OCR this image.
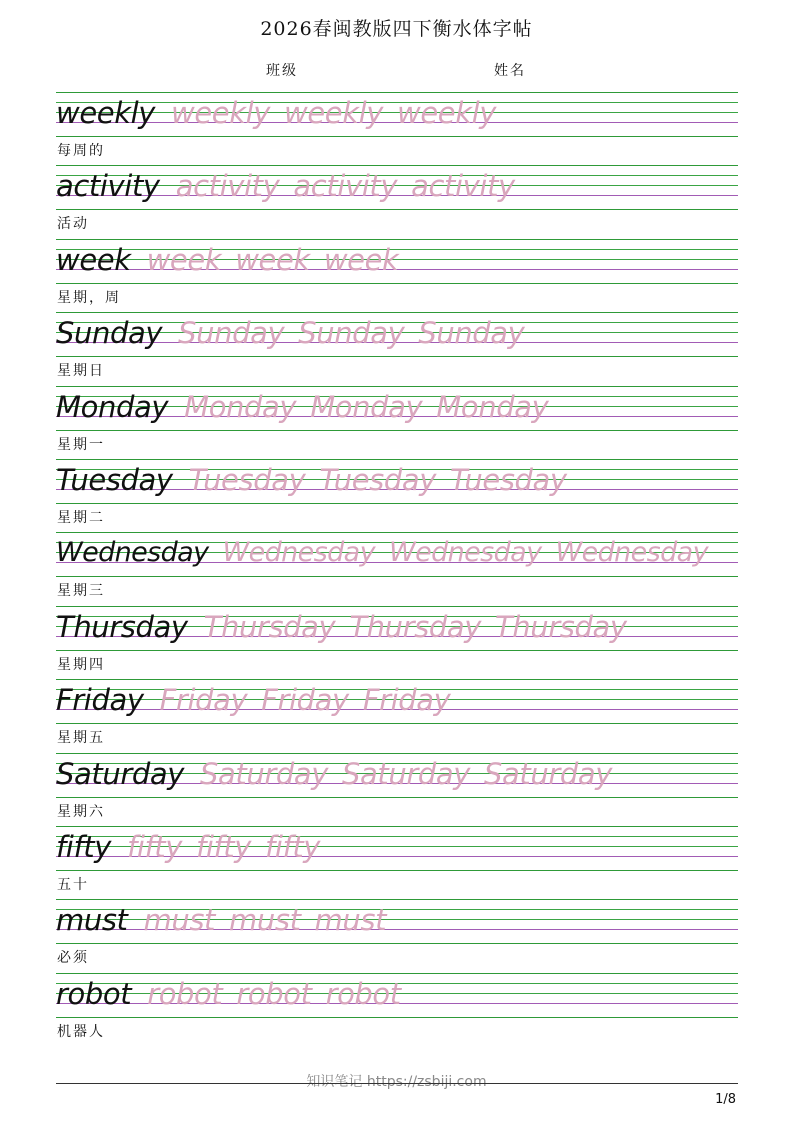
2026春闽教版四下衡水体字帖
班级	姓名
weekly weekly weekly weekly
每周的
activity activity activity activity
活动
week week week week
星期，周
Sunday Sunday Sunday Sunday
星期日
Monday Monday Monday Monday
星期一
Tuesday Tuesday Tuesday Tuesday
星期二
Wednesday Wednesday Wednesday Wednesday
星期三
Thursday Thursday Thursday Thursday
星期四
Friday Friday Friday Friday
星期五
Saturday Saturday Saturday Saturday
星期六
fifty fifty fifty fifty
五十
must must must must
必须
robot robot robot robot
机器人
知识笔记 https://zsbiji.com
1/8
